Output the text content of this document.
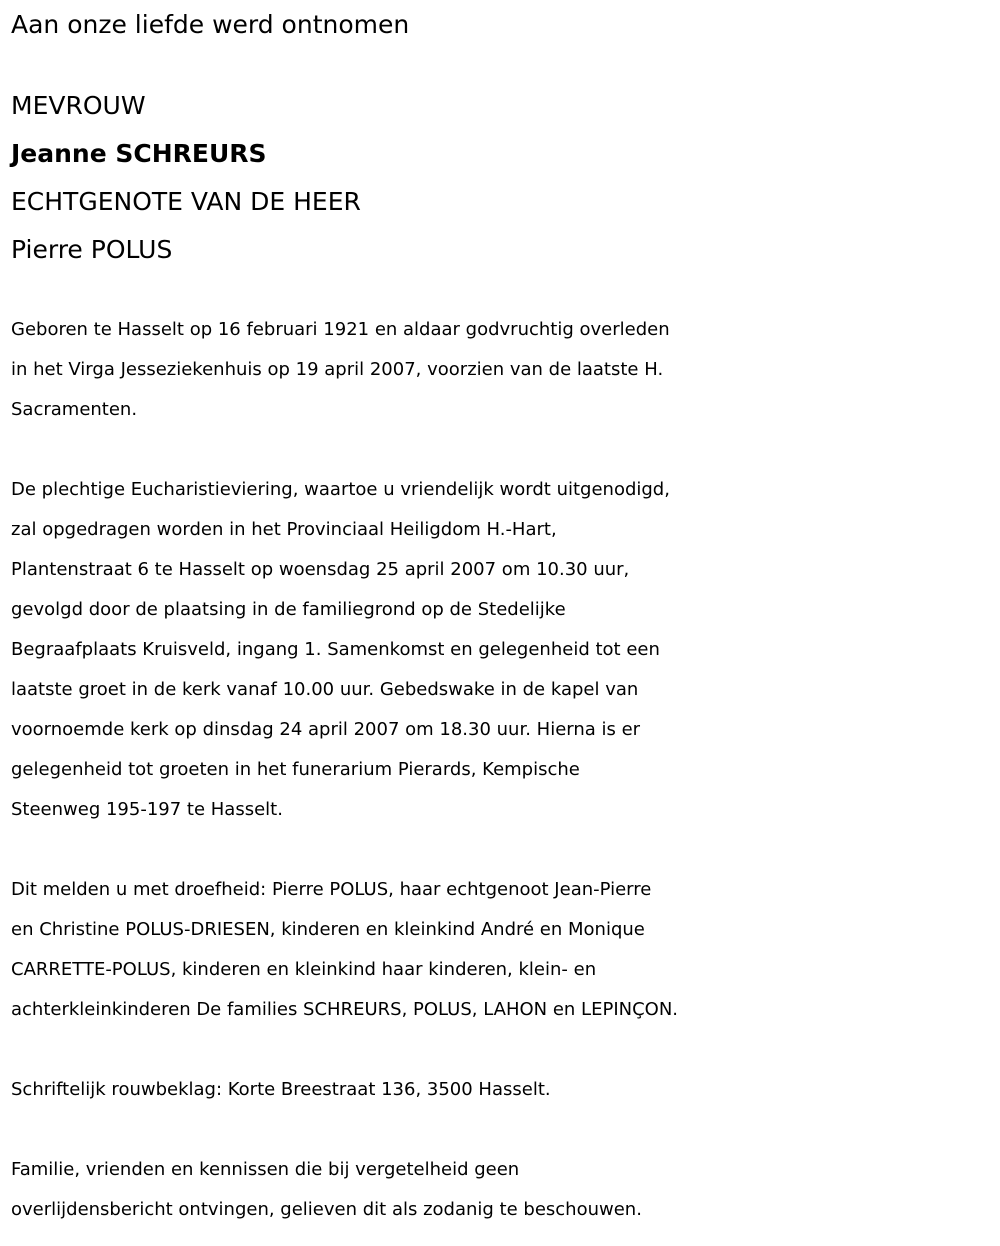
Aan onze liefde werd ontnomen
MEVROUW
Jeanne SCHREURS
ECHTGENOTE VAN DE HEER
Pierre POLUS
Geboren te Hasselt op 16 februari 1921 en aldaar godvruchtig overleden
in het Virga Jesseziekenhuis op 19 april 2007, voorzien van de laatste H.
Sacramenten.
De plechtige Eucharistieviering, waartoe u vriendelijk wordt uitgenodigd,
zal opgedragen worden in het Provinciaal Heiligdom H.-Hart,
Plantenstraat 6 te Hasselt op woensdag 25 april 2007 om 10.30 uur,
gevolgd door de plaatsing in de familiegrond op de Stedelijke
Begraafplaats Kruisveld, ingang 1. Samenkomst en gelegenheid tot een
laatste groet in de kerk vanaf 10.00 uur. Gebedswake in de kapel van
voornoemde kerk op dinsdag 24 april 2007 om 18.30 uur. Hierna is er
gelegenheid tot groeten in het funerarium Pierards, Kempische
Steenweg 195-197 te Hasselt.
Dit melden u met droefheid: Pierre POLUS, haar echtgenoot Jean-Pierre
en Christine POLUS-DRIESEN, kinderen en kleinkind André en Monique
CARRETTE-POLUS, kinderen en kleinkind haar kinderen, klein- en
achterkleinkinderen De families SCHREURS, POLUS, LAHON en LEPINÇON.
Schriftelijk rouwbeklag: Korte Breestraat 136, 3500 Hasselt.
Familie, vrienden en kennissen die bij vergetelheid geen
overlijdensbericht ontvingen, gelieven dit als zodanig te beschouwen.
